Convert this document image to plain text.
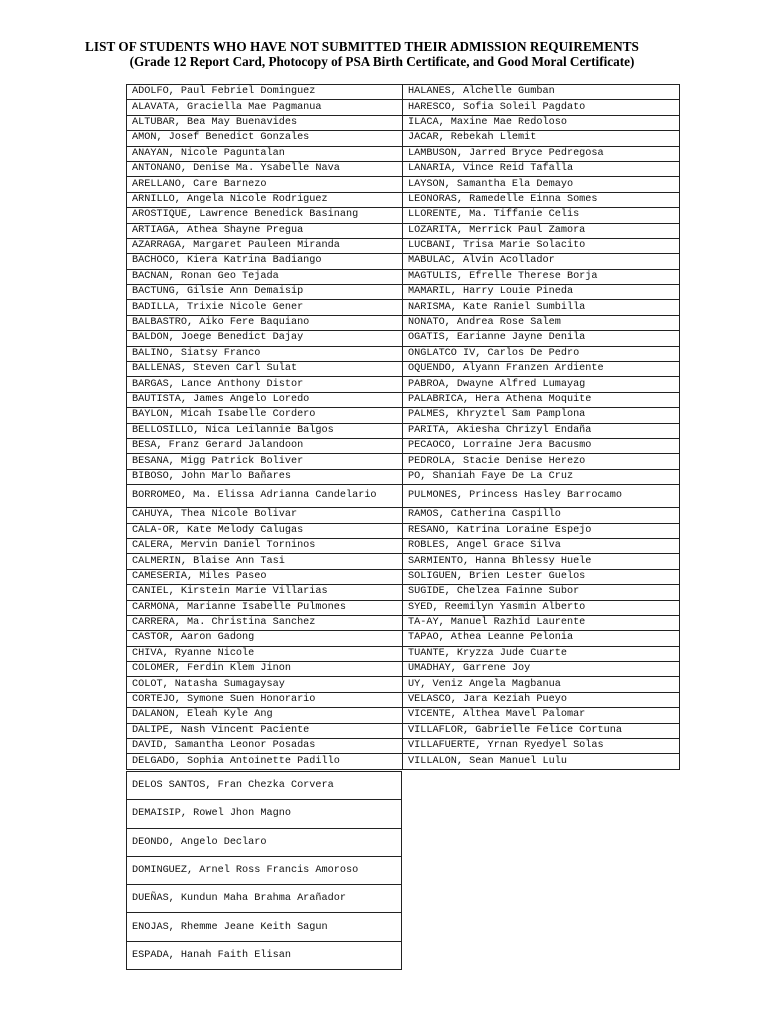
LIST OF STUDENTS WHO HAVE NOT SUBMITTED THEIR ADMISSION REQUIREMENTS
(Grade 12 Report Card, Photocopy of PSA Birth Certificate, and Good Moral Certificate)
ADOLFO, Paul Febriel Dominguez	HALANES, Alchelle Gumban
ALAVATA, Graciella Mae Pagmanua	HARESCO, Sofia Soleil Pagdato
ALTUBAR, Bea May Buenavides	ILACA, Maxine Mae Redoloso
AMON, Josef Benedict Gonzales	JACAR, Rebekah Llemit
ANAYAN, Nicole Paguntalan	LAMBUSON, Jarred Bryce Pedregosa
ANTONANO, Denise Ma. Ysabelle Nava	LANARIA, Vince Reid Tafalla
ARELLANO, Care Barnezo	LAYSON, Samantha Ela Demayo
ARNILLO, Angela Nicole Rodriguez	LEONORAS, Ramedelle Einna Somes
AROSTIQUE, Lawrence Benedick Basinang	LLORENTE, Ma. Tiffanie Celis
ARTIAGA, Athea Shayne Pregua	LOZARITA, Merrick Paul Zamora
AZARRAGA, Margaret Pauleen Miranda	LUCBANI, Trisa Marie Solacito
BACHOCO, Kiera Katrina Badiango	MABULAC, Alvin Acollador
BACNAN, Ronan Geo Tejada	MAGTULIS, Efrelle Therese Borja
BACTUNG, Gilsie Ann Demaisip	MAMARIL, Harry Louie Pineda
BADILLA, Trixie Nicole Gener	NARISMA, Kate Raniel Sumbilla
BALBASTRO, Aiko Fere Baquiano	NONATO, Andrea Rose Salem
BALDON, Joege Benedict Dajay	OGATIS, Earianne Jayne Denila
BALINO, Siatsy Franco	ONGLATCO IV, Carlos De Pedro
BALLENAS, Steven Carl Sulat	OQUENDO, Alyann Franzen Ardiente
BARGAS, Lance Anthony Distor	PABROA, Dwayne Alfred Lumayag
BAUTISTA, James Angelo Loredo	PALABRICA, Hera Athena Moquite
BAYLON, Micah Isabelle Cordero	PALMES, Khryztel Sam Pamplona
BELLOSILLO, Nica Leilannie Balgos	PARITA, Akiesha Chrizyl Endaña
BESA, Franz Gerard Jalandoon	PECAOCO, Lorraine Jera Bacusmo
BESANA, Migg Patrick Boliver	PEDROLA, Stacie Denise Herezo
BIBOSO, John Marlo Bañares	PO, Shaniah Faye De La Cruz
BORROMEO, Ma. Elissa Adrianna Candelario	PULMONES, Princess Hasley Barrocamo
CAHUYA, Thea Nicole Bolivar	RAMOS, Catherina Caspillo
CALA-OR, Kate Melody Calugas	RESANO, Katrina Loraine Espejo
CALERA, Mervin Daniel Torninos	ROBLES, Angel Grace Silva
CALMERIN, Blaise Ann Tasi	SARMIENTO, Hanna Bhlessy Huele
CAMESERIA, Miles Paseo	SOLIGUEN, Brien Lester Guelos
CANIEL, Kirstein Marie Villarias	SUGIDE, Chelzea Fainne Subor
CARMONA, Marianne Isabelle Pulmones	SYED, Reemilyn Yasmin Alberto
CARRERA, Ma. Christina Sanchez	TA-AY, Manuel Razhid Laurente
CASTOR, Aaron Gadong	TAPAO, Athea Leanne Pelonia
CHIVA, Ryanne Nicole	TUANTE, Kryzza Jude Cuarte
COLOMER, Ferdin Klem Jinon	UMADHAY, Garrene Joy
COLOT, Natasha Sumagaysay	UY, Veniz Angela Magbanua
CORTEJO, Symone Suen Honorario	VELASCO, Jara Keziah Pueyo
DALANON, Eleah Kyle Ang	VICENTE, Althea Mavel Palomar
DALIPE, Nash Vincent Paciente	VILLAFLOR, Gabrielle Felice Cortuna
DAVID, Samantha Leonor Posadas	VILLAFUERTE, Yrnan Ryedyel Solas
DELGADO, Sophia Antoinette Padillo	VILLALON, Sean Manuel Lulu
DELOS SANTOS, Fran Chezka Corvera
DEMAISIP, Rowel Jhon Magno
DEONDO, Angelo Declaro
DOMINGUEZ, Arnel Ross Francis Amoroso
DUEÑAS, Kundun Maha Brahma Arañador
ENOJAS, Rhemme Jeane Keith Sagun
ESPADA, Hanah Faith Elisan
